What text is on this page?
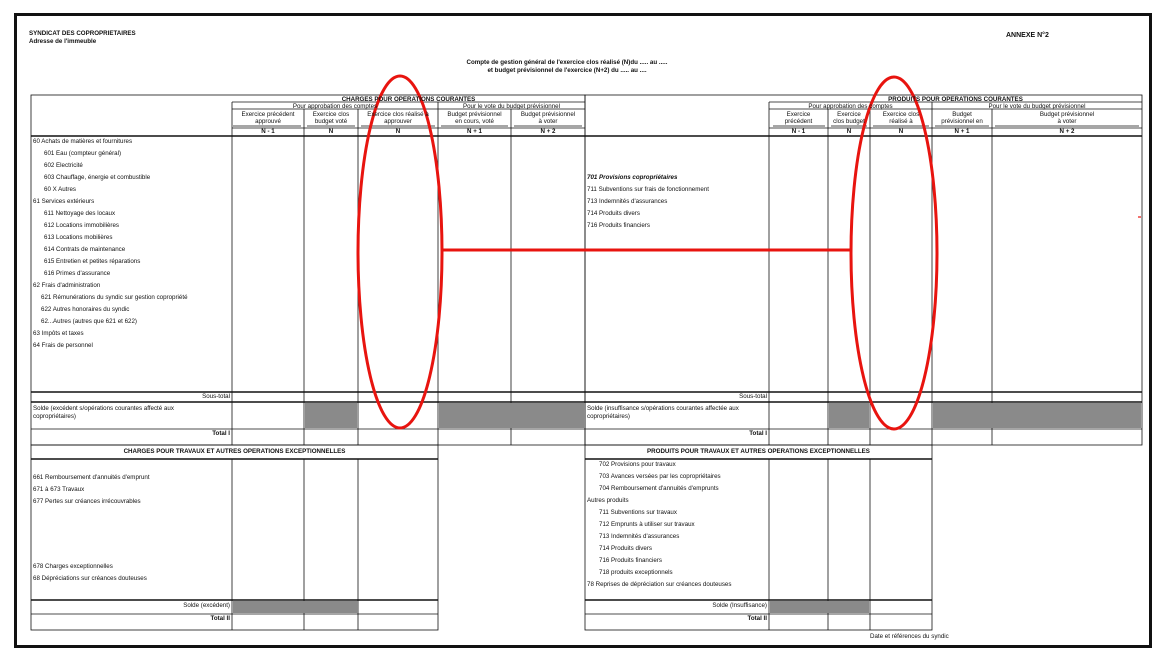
SYNDICAT DES COPROPRIETAIRES
Adresse de l'immeuble
ANNEXE N°2
Compte de gestion général de l'exercice clos réalisé (N)du ..... au .....
et budget prévisionnel de l'exercice (N+2) du ..... au ....
CHARGES POUR OPERATIONS COURANTES
Pour approbation des comptes	Pour le vote du budget prévisionnel
Exercice précédent
approuvé
N - 1
Exercice clos
budget voté
N
Exercice clos réalisé à
approuver
N
Budget prévisionnel
en cours, voté
N + 1
Budget prévisionnel
à voter
N + 2
60 Achats de matières et fournitures
601 Eau (compteur général)
602 Electricité
603 Chauffage, énergie et combustible
60 X Autres
61 Services extérieurs
611 Nettoyage des locaux
612 Locations immobilières
613 Locations mobilières
614 Contrats de maintenance
615 Entretien et petites réparations
616 Primes d'assurance
62 Frais d'administration
621 Rémunérations du syndic sur gestion copropriété
622 Autres honoraires du syndic
62...Autres (autres que 621 et 622)
63 Impôts et taxes
64 Frais de personnel
Sous-total
Solde (excédent s/opérations courantes affecté aux
copropriétaires)
Total I
PRODUITS POUR OPERATIONS COURANTES
Pour approbation des comptes	Pour le vote du budget prévisionnel
Exercice
précédent
N - 1
Exercice
clos budget
N
Exercice clos
réalisé à
N
Budget
prévisionnel en
N + 1
Budget prévisionnel
à voter
N + 2
701 Provisions copropriétaires
711 Subventions sur frais de fonctionnement
713 Indemnités d'assurances
714 Produits divers
716 Produits financiers
Sous-total
Solde (insuffisance s/opérations courantes affectée aux
copropriétaires)
Total I
CHARGES POUR TRAVAUX ET AUTRES OPERATIONS EXCEPTIONNELLES
661 Remboursement d'annuités d'emprunt
671 à 673 Travaux
677 Pertes sur créances irrécouvrables
678 Charges exceptionnelles
68 Dépréciations sur créances douteuses
Solde (excédent)
Total II
PRODUITS POUR TRAVAUX ET AUTRES OPERATIONS EXCEPTIONNELLES
702 Provisions pour travaux
703 Avances versées par les copropriétaires
704 Remboursement d'annuités d'emprunts
Autres produits
711 Subventions sur travaux
712 Emprunts à utiliser sur travaux
713 Indemnités d'assurances
714 Produits divers
716 Produits financiers
718 produits exceptionnels
78 Reprises de dépréciation sur créances douteuses
Solde (Insuffisance)
Total II
Date et références du syndic
